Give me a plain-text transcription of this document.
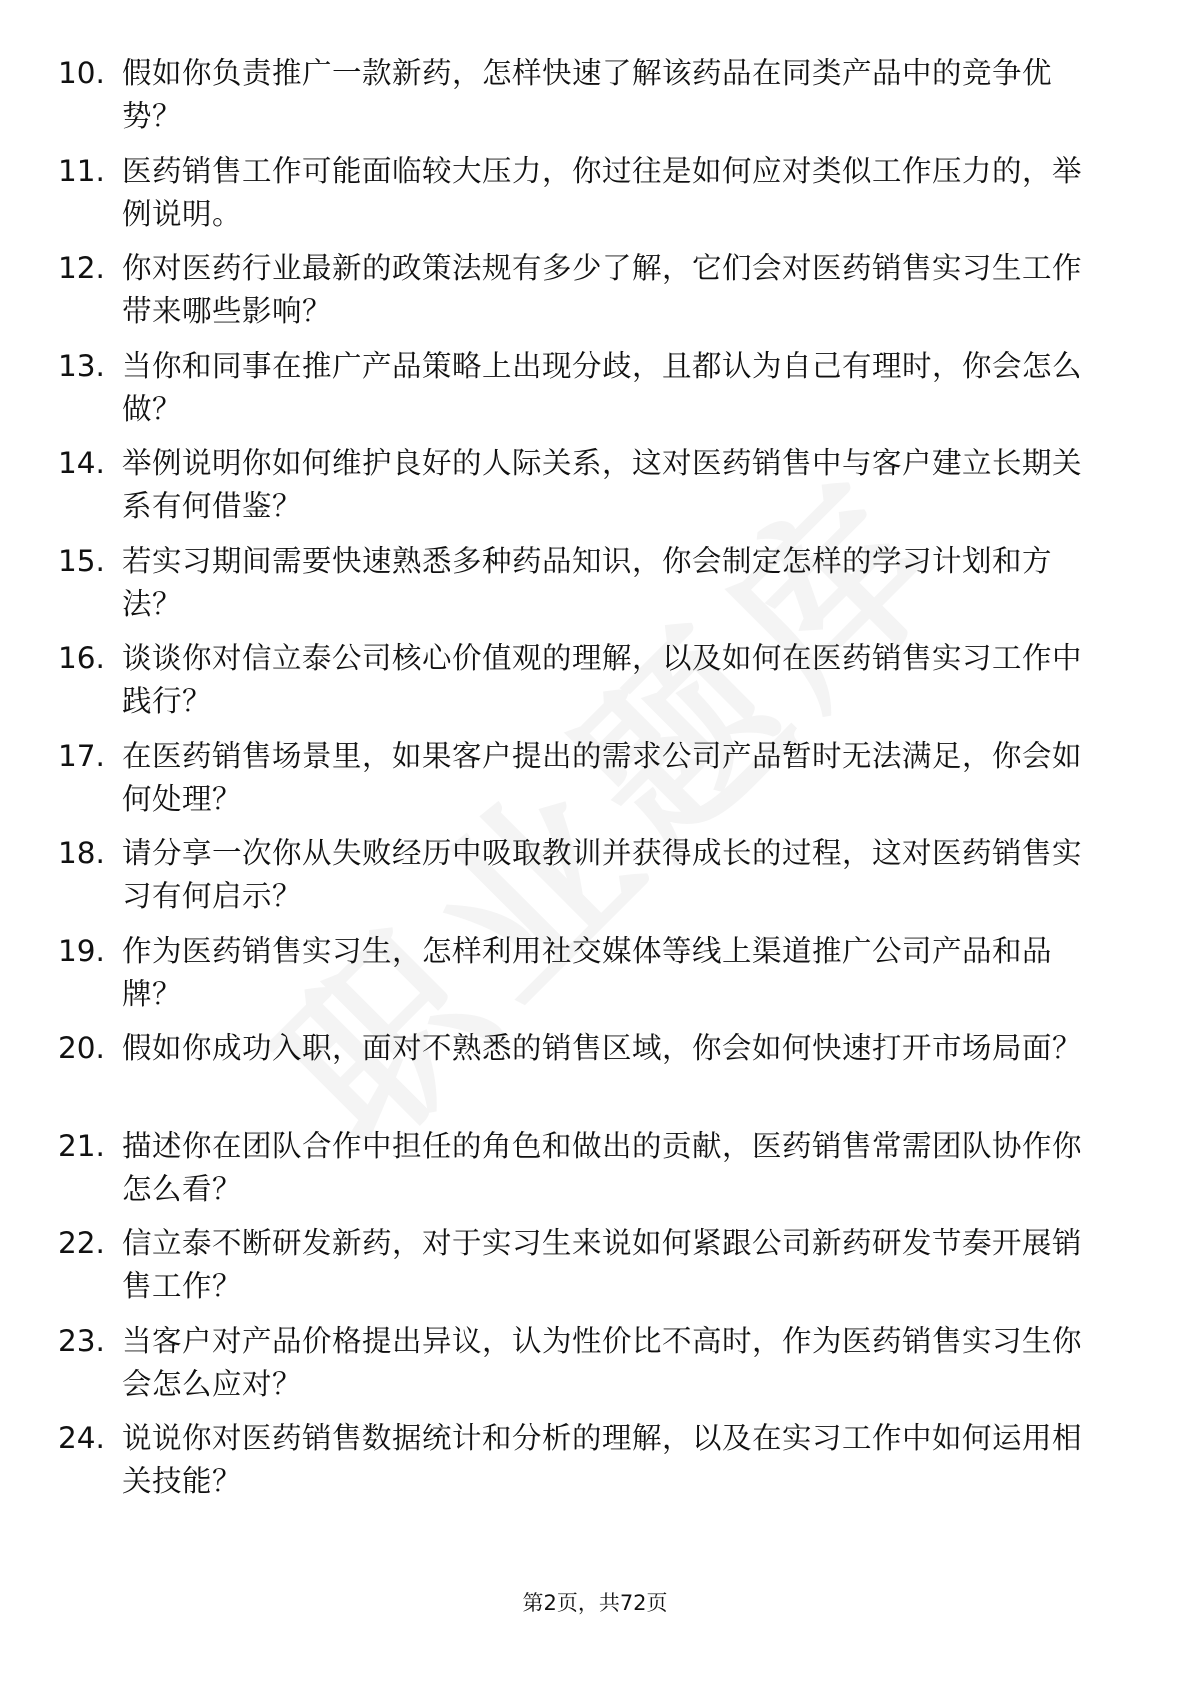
10. 假如你负责推广一款新药，怎样快速了解该药品在同类产品中的竞争优势？
11. 医药销售工作可能面临较大压力，你过往是如何应对类似工作压力的，举例说明。
12. 你对医药行业最新的政策法规有多少了解，它们会对医药销售实习生工作带来哪些影响？
13. 当你和同事在推广产品策略上出现分歧，且都认为自己有理时，你会怎么做？
14. 举例说明你如何维护良好的人际关系，这对医药销售中与客户建立长期关系有何借鉴？
15. 若实习期间需要快速熟悉多种药品知识，你会制定怎样的学习计划和方法？
16. 谈谈你对信立泰公司核心价值观的理解，以及如何在医药销售实习工作中践行？
17. 在医药销售场景里，如果客户提出的需求公司产品暂时无法满足，你会如何处理？
18. 请分享一次你从失败经历中吸取教训并获得成长的过程，这对医药销售实习有何启示？
19. 作为医药销售实习生，怎样利用社交媒体等线上渠道推广公司产品和品牌？
20. 假如你成功入职，面对不熟悉的销售区域，你会如何快速打开市场局面？
21. 描述你在团队合作中担任的角色和做出的贡献，医药销售常需团队协作你怎么看？
22. 信立泰不断研发新药，对于实习生来说如何紧跟公司新药研发节奏开展销售工作？
23. 当客户对产品价格提出异议，认为性价比不高时，作为医药销售实习生你会怎么应对？
24. 说说你对医药销售数据统计和分析的理解，以及在实习工作中如何运用相关技能？
第2页，共72页
